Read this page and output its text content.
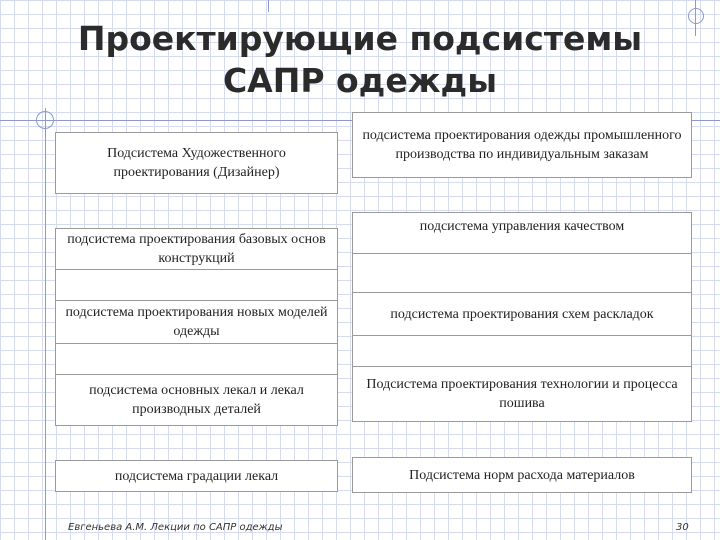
Проектирующие подсистемы
САПР одежды
Подсистема Художественного проектирования (Дизайнер)
подсистема проектирования базовых основ конструкций
подсистема проектирования новых моделей одежды
подсистема основных лекал и лекал производных деталей
подсистема градации лекал
подсистема проектирования одежды промышленного производства по индивидуальным заказам
подсистема управления качеством
подсистема проектирования схем раскладок
Подсистема проектирования технологии и процесса пошива
Подсистема норм расхода материалов

Евгеньева А.М. Лекции по САПР одежды	30
